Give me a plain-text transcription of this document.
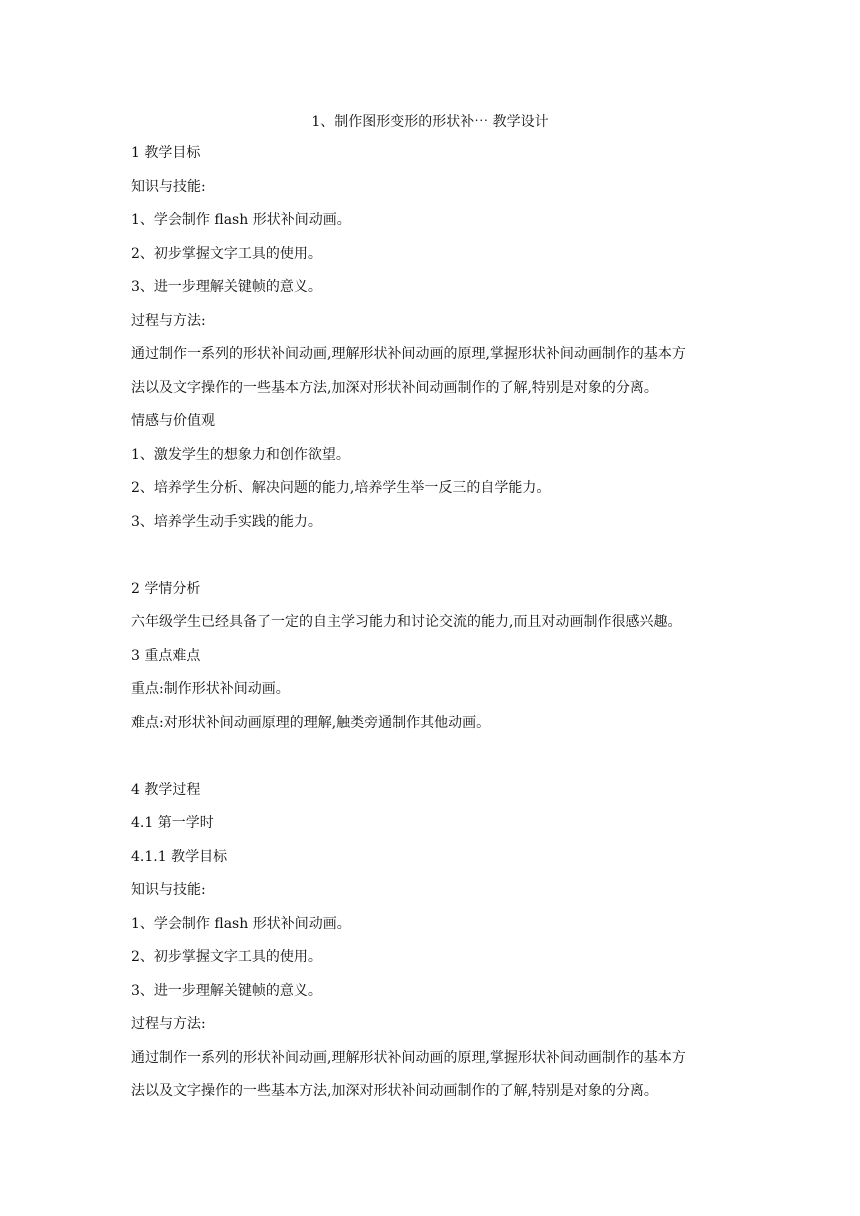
1、制作图形变形的形状补⋯ 教学设计
1 教学目标
知识与技能:
1、学会制作 flash 形状补间动画。
2、初步掌握文字工具的使用。
3、进一步理解关键帧的意义。
过程与方法:
通过制作一系列的形状补间动画,理解形状补间动画的原理,掌握形状补间动画制作的基本方
法以及文字操作的一些基本方法,加深对形状补间动画制作的了解,特别是对象的分离。
情感与价值观
1、激发学生的想象力和创作欲望。
2、培养学生分析、解决问题的能力,培养学生举一反三的自学能力。
3、培养学生动手实践的能力。
2 学情分析
六年级学生已经具备了一定的自主学习能力和讨论交流的能力,而且对动画制作很感兴趣。
3 重点难点
重点:制作形状补间动画。
难点:对形状补间动画原理的理解,触类旁通制作其他动画。
4 教学过程
4.1 第一学时
4.1.1 教学目标
知识与技能:
1、学会制作 flash 形状补间动画。
2、初步掌握文字工具的使用。
3、进一步理解关键帧的意义。
过程与方法:
通过制作一系列的形状补间动画,理解形状补间动画的原理,掌握形状补间动画制作的基本方
法以及文字操作的一些基本方法,加深对形状补间动画制作的了解,特别是对象的分离。
